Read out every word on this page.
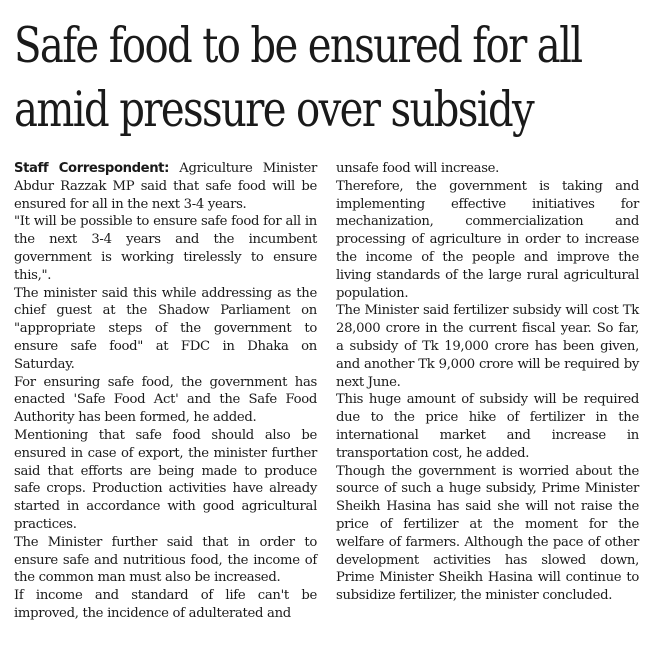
Safe food to be ensured for all
amid pressure over subsidy

Staff Correspondent: Agriculture Minister Abdur Razzak MP said that safe food will be ensured for all in the next 3-4 years.

"It will be possible to ensure safe food for all in the next 3-4 years and the incumbent government is working tirelessly to ensure this,".

The minister said this while addressing as the chief guest at the Shadow Parliament on "appropriate steps of the government to ensure safe food" at FDC in Dhaka on Saturday.

For ensuring safe food, the government has enacted 'Safe Food Act' and the Safe Food Authority has been formed, he added.

Mentioning that safe food should also be ensured in case of export, the minister further said that efforts are being made to produce safe crops. Production activities have already started in accordance with good agricultural practices.

The Minister further said that in order to ensure safe and nutritious food, the income of the common man must also be increased.

If income and standard of life can't be improved, the incidence of adulterated and

unsafe food will increase.

Therefore, the government is taking and implementing effective initiatives for mechanization, commercialization and processing of agriculture in order to increase the income of the people and improve the living standards of the large rural agricultural population.

The Minister said fertilizer subsidy will cost Tk 28,000 crore in the current fiscal year. So far, a subsidy of Tk 19,000 crore has been given, and another Tk 9,000 crore will be required by next June.

This huge amount of subsidy will be required due to the price hike of fertilizer in the international market and increase in transportation cost, he added.

Though the government is worried about the source of such a huge subsidy, Prime Minister Sheikh Hasina has said she will not raise the price of fertilizer at the moment for the welfare of farmers. Although the pace of other development activities has slowed down, Prime Minister Sheikh Hasina will continue to subsidize fertilizer, the minister concluded.
